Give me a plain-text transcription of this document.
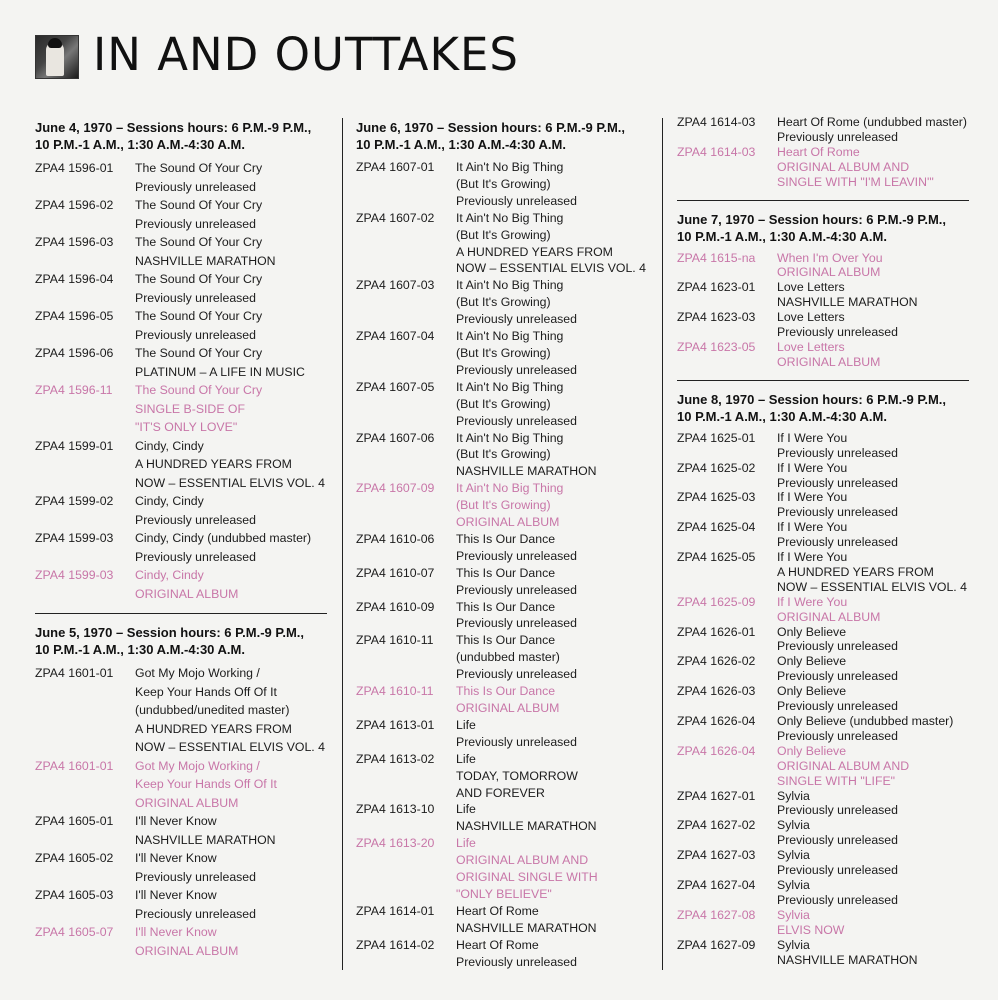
IN AND OUTTAKES
June 4, 1970 – Sessions hours: 6 P.M.-9 P.M.,
10 P.M.-1 A.M., 1:30 A.M.-4:30 A.M.
ZPA4 1596-01	The Sound Of Your Cry
Previously unreleased
ZPA4 1596-02	The Sound Of Your Cry
Previously unreleased
ZPA4 1596-03	The Sound Of Your Cry
NASHVILLE MARATHON
ZPA4 1596-04	The Sound Of Your Cry
Previously unreleased
ZPA4 1596-05	The Sound Of Your Cry
Previously unreleased
ZPA4 1596-06	The Sound Of Your Cry
PLATINUM – A LIFE IN MUSIC
ZPA4 1596-11	The Sound Of Your Cry
SINGLE B-SIDE OF
"IT'S ONLY LOVE"
ZPA4 1599-01	Cindy, Cindy
A HUNDRED YEARS FROM
NOW – ESSENTIAL ELVIS VOL. 4
ZPA4 1599-02	Cindy, Cindy
Previously unreleased
ZPA4 1599-03	Cindy, Cindy (undubbed master)
Previously unreleased
ZPA4 1599-03	Cindy, Cindy
ORIGINAL ALBUM
June 5, 1970 – Session hours: 6 P.M.-9 P.M.,
10 P.M.-1 A.M., 1:30 A.M.-4:30 A.M.
ZPA4 1601-01	Got My Mojo Working /
Keep Your Hands Off Of It
(undubbed/unedited master)
A HUNDRED YEARS FROM
NOW – ESSENTIAL ELVIS VOL. 4
ZPA4 1601-01	Got My Mojo Working /
Keep Your Hands Off Of It
ORIGINAL ALBUM
ZPA4 1605-01	I'll Never Know
NASHVILLE MARATHON
ZPA4 1605-02	I'll Never Know
Previously unreleased
ZPA4 1605-03	I'll Never Know
Preciously unreleased
ZPA4 1605-07	I'll Never Know
ORIGINAL ALBUM
June 6, 1970 – Session hours: 6 P.M.-9 P.M.,
10 P.M.-1 A.M., 1:30 A.M.-4:30 A.M.
ZPA4 1607-01	It Ain't No Big Thing
(But It's Growing)
Previously unreleased
ZPA4 1607-02	It Ain't No Big Thing
(But It's Growing)
A HUNDRED YEARS FROM
NOW – ESSENTIAL ELVIS VOL. 4
ZPA4 1607-03	It Ain't No Big Thing
(But It's Growing)
Previously unreleased
ZPA4 1607-04	It Ain't No Big Thing
(But It's Growing)
Previously unreleased
ZPA4 1607-05	It Ain't No Big Thing
(But It's Growing)
Previously unreleased
ZPA4 1607-06	It Ain't No Big Thing
(But It's Growing)
NASHVILLE MARATHON
ZPA4 1607-09	It Ain't No Big Thing
(But It's Growing)
ORIGINAL ALBUM
ZPA4 1610-06	This Is Our Dance
Previously unreleased
ZPA4 1610-07	This Is Our Dance
Previously unreleased
ZPA4 1610-09	This Is Our Dance
Previously unreleased
ZPA4 1610-11	This Is Our Dance
(undubbed master)
Previously unreleased
ZPA4 1610-11	This Is Our Dance
ORIGINAL ALBUM
ZPA4 1613-01	Life
Previously unreleased
ZPA4 1613-02	Life
TODAY, TOMORROW
AND FOREVER
ZPA4 1613-10	Life
NASHVILLE MARATHON
ZPA4 1613-20	Life
ORIGINAL ALBUM AND
ORIGINAL SINGLE WITH
"ONLY BELIEVE"
ZPA4 1614-01	Heart Of Rome
NASHVILLE MARATHON
ZPA4 1614-02	Heart Of Rome
Previously unreleased
ZPA4 1614-03	Heart Of Rome (undubbed master)
Previously unreleased
ZPA4 1614-03	Heart Of Rome
ORIGINAL ALBUM AND
SINGLE WITH "I'M LEAVIN'"
June 7, 1970 – Session hours: 6 P.M.-9 P.M.,
10 P.M.-1 A.M., 1:30 A.M.-4:30 A.M.
ZPA4 1615-na	When I'm Over You
ORIGINAL ALBUM
ZPA4 1623-01	Love Letters
NASHVILLE MARATHON
ZPA4 1623-03	Love Letters
Previously unreleased
ZPA4 1623-05	Love Letters
ORIGINAL ALBUM
June 8, 1970 – Session hours: 6 P.M.-9 P.M.,
10 P.M.-1 A.M., 1:30 A.M.-4:30 A.M.
ZPA4 1625-01	If I Were You
Previously unreleased
ZPA4 1625-02	If I Were You
Previously unreleased
ZPA4 1625-03	If I Were You
Previously unreleased
ZPA4 1625-04	If I Were You
Previously unreleased
ZPA4 1625-05	If I Were You
A HUNDRED YEARS FROM
NOW – ESSENTIAL ELVIS VOL. 4
ZPA4 1625-09	If I Were You
ORIGINAL ALBUM
ZPA4 1626-01	Only Believe
Previously unreleased
ZPA4 1626-02	Only Believe
Previously unreleased
ZPA4 1626-03	Only Believe
Previously unreleased
ZPA4 1626-04	Only Believe (undubbed master)
Previously unreleased
ZPA4 1626-04	Only Believe
ORIGINAL ALBUM AND
SINGLE WITH "LIFE"
ZPA4 1627-01	Sylvia
Previously unreleased
ZPA4 1627-02	Sylvia
Previously unreleased
ZPA4 1627-03	Sylvia
Previously unreleased
ZPA4 1627-04	Sylvia
Previously unreleased
ZPA4 1627-08	Sylvia
ELVIS NOW
ZPA4 1627-09	Sylvia
NASHVILLE MARATHON
